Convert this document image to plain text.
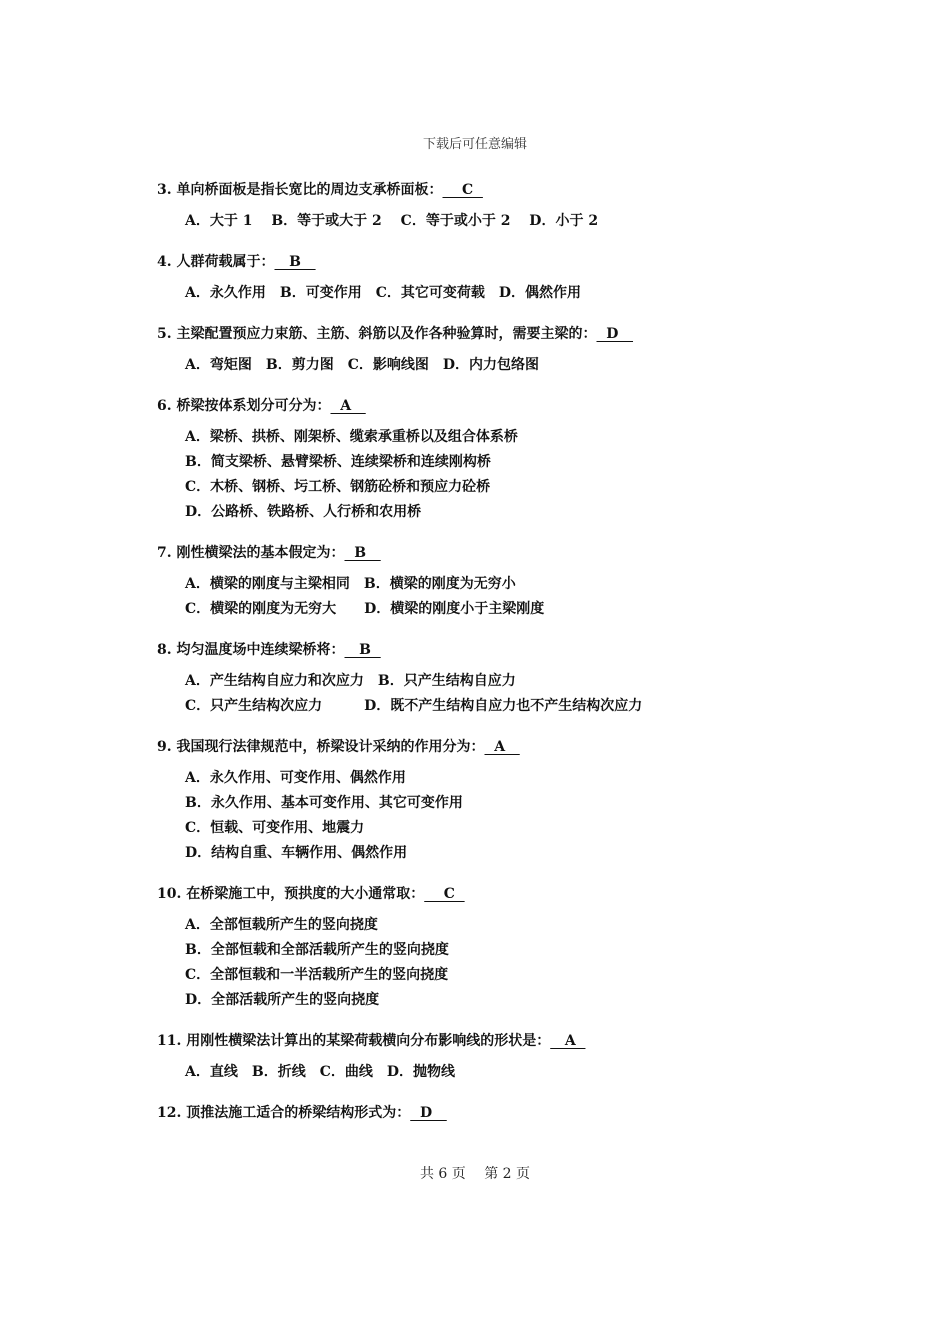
下载后可任意编辑
3. 单向桥面板是指长宽比的周边支承桥面板：    C
A．大于 1　 B．等于或大于 2　 C．等于或小于 2　 D．小于 2
4. 人群荷载属于：   B
A．永久作用　B．可变作用　C．其它可变荷载　D．偶然作用
5. 主梁配置预应力束筋、主筋、斜筋以及作各种验算时，需要主梁的：  D
A．弯矩图　B．剪力图　C．影响线图　D．内力包络图
6. 桥梁按体系划分可分为：  A
A．梁桥、拱桥、刚架桥、缆索承重桥以及组合体系桥
B．简支梁桥、悬臂梁桥、连续梁桥和连续刚构桥
C．木桥、钢桥、圬工桥、钢筋砼桥和预应力砼桥
D．公路桥、铁路桥、人行桥和农用桥
7. 刚性横梁法的基本假定为：  B
A．横梁的刚度与主梁相同　B．横梁的刚度为无穷小
C．横梁的刚度为无穷大　　D．横梁的刚度小于主梁刚度
8. 均匀温度场中连续梁桥将：   B
A．产生结构自应力和次应力　B．只产生结构自应力
C．只产生结构次应力　　　D．既不产生结构自应力也不产生结构次应力
9. 我国现行法律规范中，桥梁设计采纳的作用分为：  A
A．永久作用、可变作用、偶然作用
B．永久作用、基本可变作用、其它可变作用
C．恒载、可变作用、地震力
D．结构自重、车辆作用、偶然作用
10. 在桥梁施工中，预拱度的大小通常取：    C
A．全部恒载所产生的竖向挠度
B．全部恒载和全部活载所产生的竖向挠度
C．全部恒载和一半活载所产生的竖向挠度
D．全部活载所产生的竖向挠度
11. 用刚性横梁法计算出的某梁荷载横向分布影响线的形状是：   A
A．直线　B．折线　C．曲线　D．抛物线
12. 顶推法施工适合的桥梁结构形式为：  D
共 6 页　 第 2 页
